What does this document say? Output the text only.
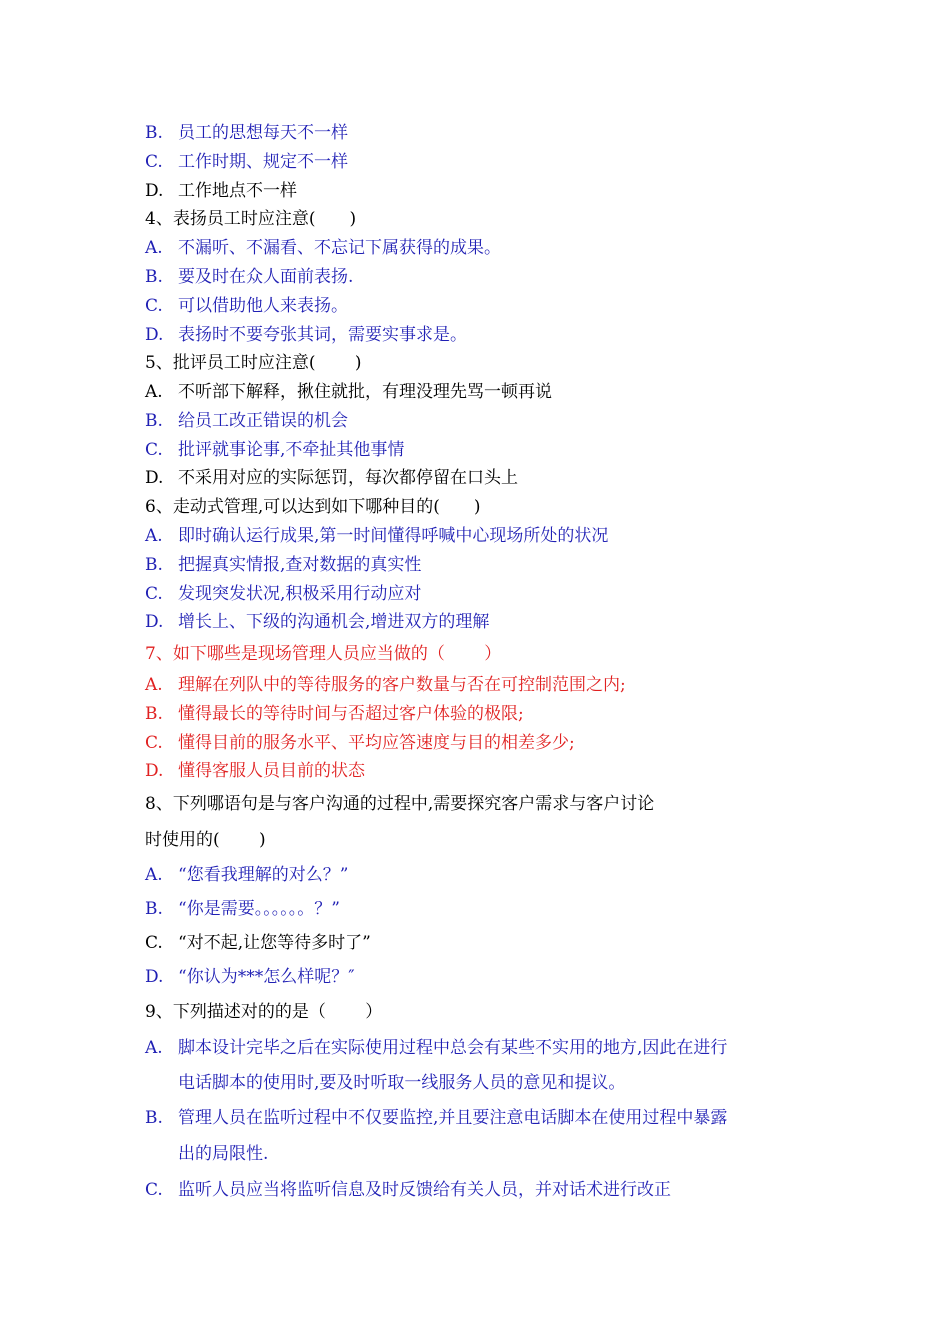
B. 员工的思想每天不一样
C. 工作时期、规定不一样
D. 工作地点不一样
4、表扬员工时应注意(　　)
A. 不漏听、不漏看、不忘记下属获得的成果。
B. 要及时在众人面前表扬.
C. 可以借助他人来表扬。
D. 表扬时不要夸张其词，需要实事求是。
5、批评员工时应注意(　　 )
A. 不听部下解释，揪住就批，有理没理先骂一顿再说
B. 给员工改正错误的机会
C. 批评就事论事,不牵扯其他事情
D. 不采用对应的实际惩罚，每次都停留在口头上
6、走动式管理,可以达到如下哪种目的(　　)
A. 即时确认运行成果,第一时间懂得呼喊中心现场所处的状况
B. 把握真实情报,查对数据的真实性
C. 发现突发状况,积极采用行动应对
D. 增长上、下级的沟通机会,增进双方的理解
7、如下哪些是现场管理人员应当做的（　　 ）
A. 理解在列队中的等待服务的客户数量与否在可控制范围之内;
B. 懂得最长的等待时间与否超过客户体验的极限;
C. 懂得目前的服务水平、平均应答速度与目的相差多少;
D. 懂得客服人员目前的状态
8、下列哪语句是与客户沟通的过程中,需要探究客户需求与客户讨论
时使用的(　　 )
A. “您看我理解的对么？”
B. “你是需要。。。。。。？”
C. “对不起,让您等待多时了”
D. “你认为***怎么样呢？″
9、下列描述对的的是（　　 ）
A. 脚本设计完毕之后在实际使用过程中总会有某些不实用的地方,因此在进行
电话脚本的使用时,要及时听取一线服务人员的意见和提议。
B. 管理人员在监听过程中不仅要监控,并且要注意电话脚本在使用过程中暴露
出的局限性.
C. 监听人员应当将监听信息及时反馈给有关人员，并对话术进行改正
